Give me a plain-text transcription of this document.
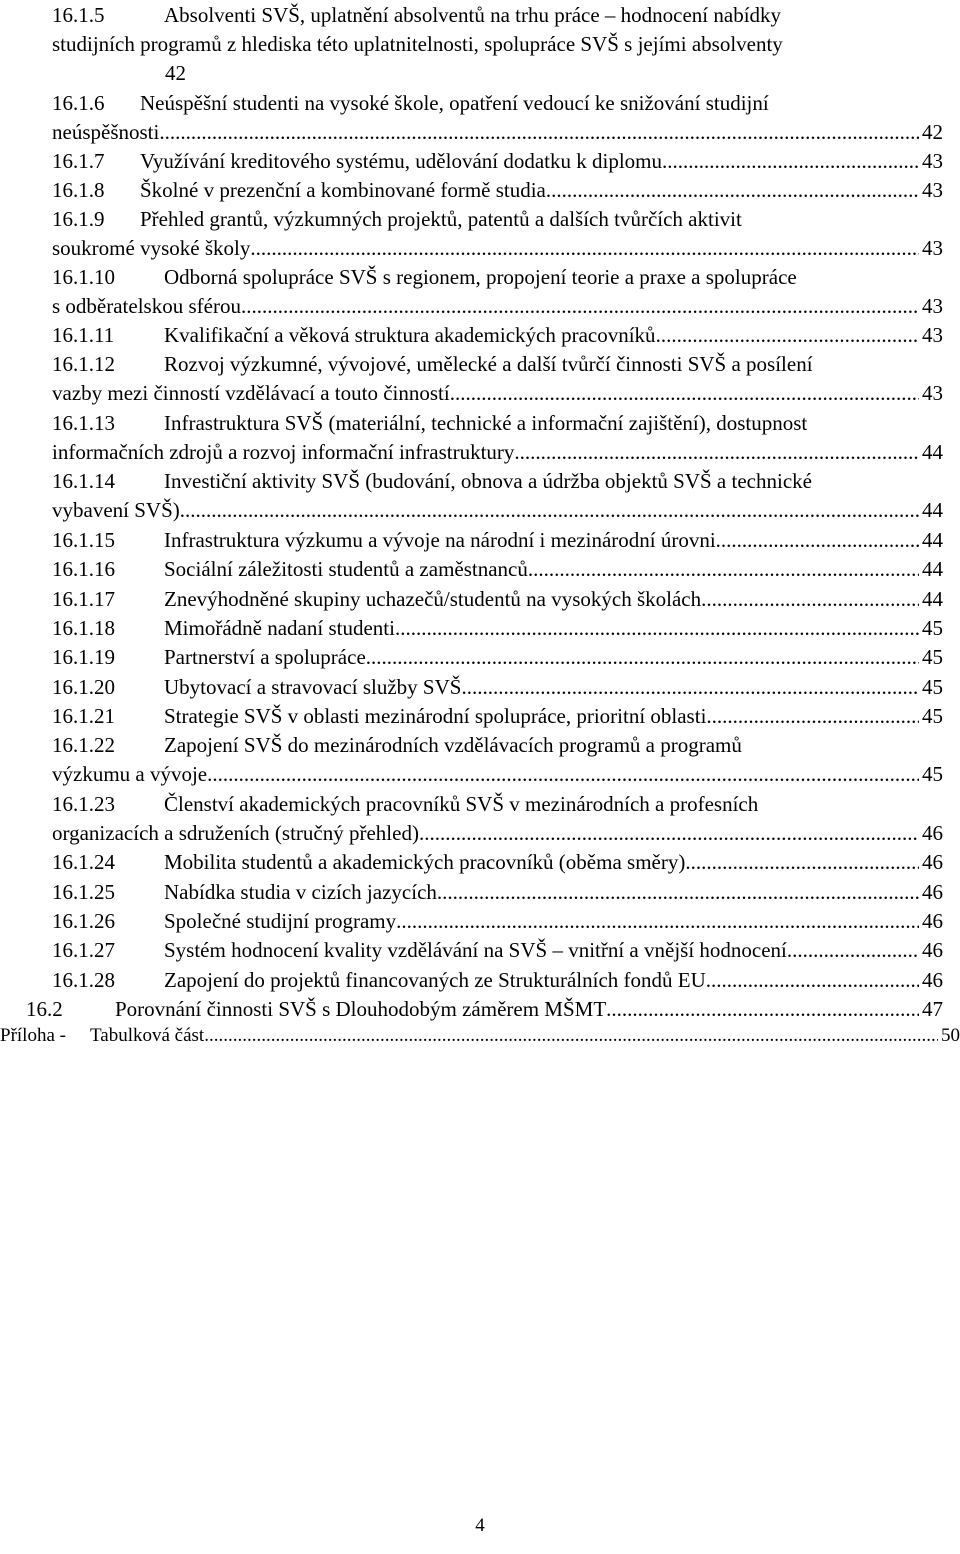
16.1.5	Absolventi SVŠ, uplatnění absolventů na trhu práce – hodnocení nabídky
studijních programů z hlediska této uplatnitelnosti, spolupráce SVŠ s jejími absolventy
42
16.1.6 Neúspěšní studenti na vysoké škole, opatření vedoucí ke snižování studijní
neúspěšnosti .....	42
16.1.7 Využívání kreditového systému, udělování dodatku k diplomu .....	43
16.1.8 Školné v prezenční a kombinované formě studia .....	43
16.1.9 Přehled grantů, výzkumných projektů, patentů a dalších tvůrčích aktivit
soukromé vysoké školy .....	43
16.1.10 Odborná spolupráce SVŠ s regionem, propojení teorie a praxe a spolupráce
s odběratelskou sférou .....	43
16.1.11 Kvalifikační a věková struktura akademických pracovníků .....	43
16.1.12 Rozvoj výzkumné, vývojové, umělecké a další tvůrčí činnosti SVŠ a posílení
vazby mezi činností vzdělávací a touto činností .....	43
16.1.13 Infrastruktura SVŠ (materiální, technické a informační zajištění), dostupnost
informačních zdrojů a rozvoj informační infrastruktury .....	44
16.1.14 Investiční aktivity SVŠ (budování, obnova a údržba objektů SVŠ a technické
vybavení SVŠ) .....	44
16.1.15 Infrastruktura výzkumu a vývoje na národní i mezinárodní úrovni .....	44
16.1.16 Sociální záležitosti studentů a zaměstnanců .....	44
16.1.17 Znevýhodněné skupiny uchazečů/studentů na vysokých školách .....	44
16.1.18 Mimořádně nadaní studenti .....	45
16.1.19 Partnerství a spolupráce .....	45
16.1.20 Ubytovací a stravovací služby SVŠ .....	45
16.1.21 Strategie SVŠ v oblasti mezinárodní spolupráce, prioritní oblasti .....	45
16.1.22 Zapojení SVŠ do mezinárodních vzdělávacích programů a programů
výzkumu a vývoje .....	45
16.1.23 Členství akademických pracovníků SVŠ v mezinárodních a profesních
organizacích a sdruženích (stručný přehled) .....	46
16.1.24 Mobilita studentů a akademických pracovníků (oběma směry) .....	46
16.1.25 Nabídka studia v cizích jazycích .....	46
16.1.26 Společné studijní programy .....	46
16.1.27 Systém hodnocení kvality vzdělávání na SVŠ – vnitřní a vnější hodnocení. .....	46
16.1.28 Zapojení do projektů financovaných ze Strukturálních fondů EU .....	46
16.2 Porovnání činnosti SVŠ s Dlouhodobým záměrem MŠMT .....	47
Příloha - Tabulková část .....	50
4
